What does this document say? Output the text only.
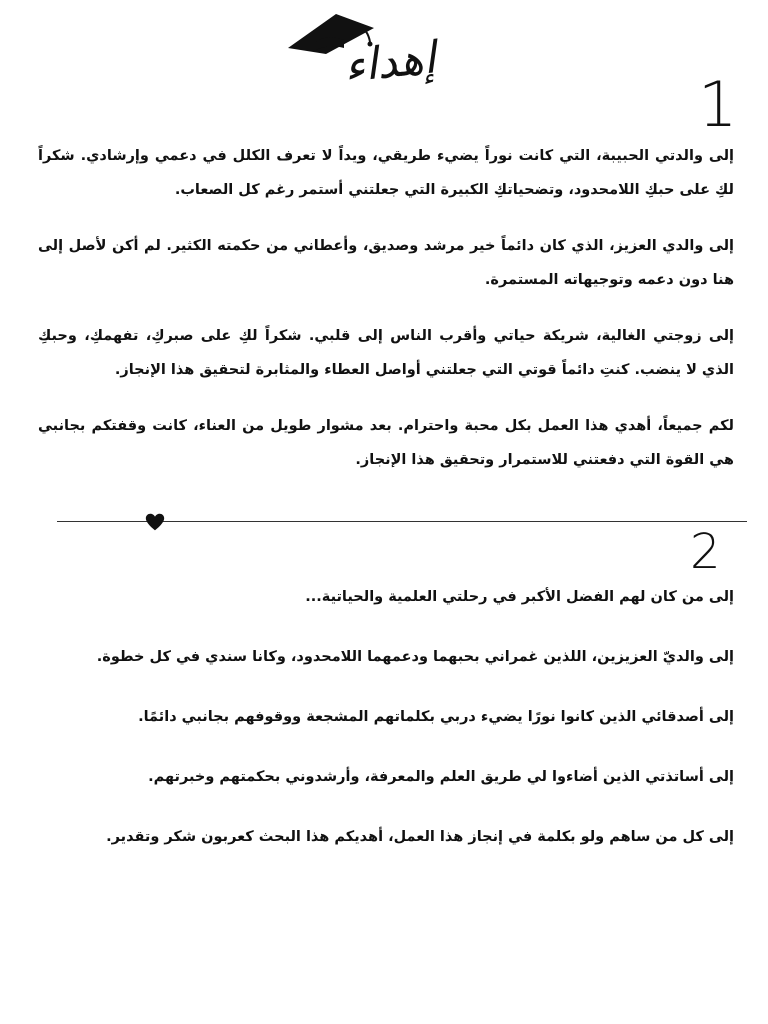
إهداء
1

إلى والدتي الحبيبة، التي كانت نوراً يضيء طريقي، ويداً لا تعرف الكلل في دعمي وإرشادي. شكراً لكِ على حبكِ اللامحدود، وتضحياتكِ الكبيرة التي جعلتني أستمر رغم كل الصعاب.

إلى والدي العزيز، الذي كان دائماً خير مرشد وصديق، وأعطاني من حكمته الكثير. لم أكن لأصل إلى هنا دون دعمه وتوجيهاته المستمرة.

إلى زوجتي الغالية، شريكة حياتي وأقرب الناس إلى قلبي. شكراً لكِ على صبركِ، تفهمكِ، وحبكِ الذي لا ينضب. كنتِ دائماً قوتي التي جعلتني أواصل العطاء والمثابرة لتحقيق هذا الإنجاز.

لكم جميعاً، أهدي هذا العمل بكل محبة واحترام. بعد مشوار طويل من العناء، كانت وقفتكم بجانبي هي القوة التي دفعتني للاستمرار وتحقيق هذا الإنجاز.

2

إلى من كان لهم الفضل الأكبر في رحلتي العلمية والحياتية...

إلى والديّ العزيزين، اللذين غمراني بحبهما ودعمهما اللامحدود، وكانا سندي في كل خطوة.

إلى أصدقائي الذين كانوا نورًا يضيء دربي بكلماتهم المشجعة ووقوفهم بجانبي دائمًا.

إلى أساتذتي الذين أضاءوا لي طريق العلم والمعرفة، وأرشدوني بحكمتهم وخبرتهم.

إلى كل من ساهم ولو بكلمة في إنجاز هذا العمل، أهديكم هذا البحث كعربون شكر وتقدير.
